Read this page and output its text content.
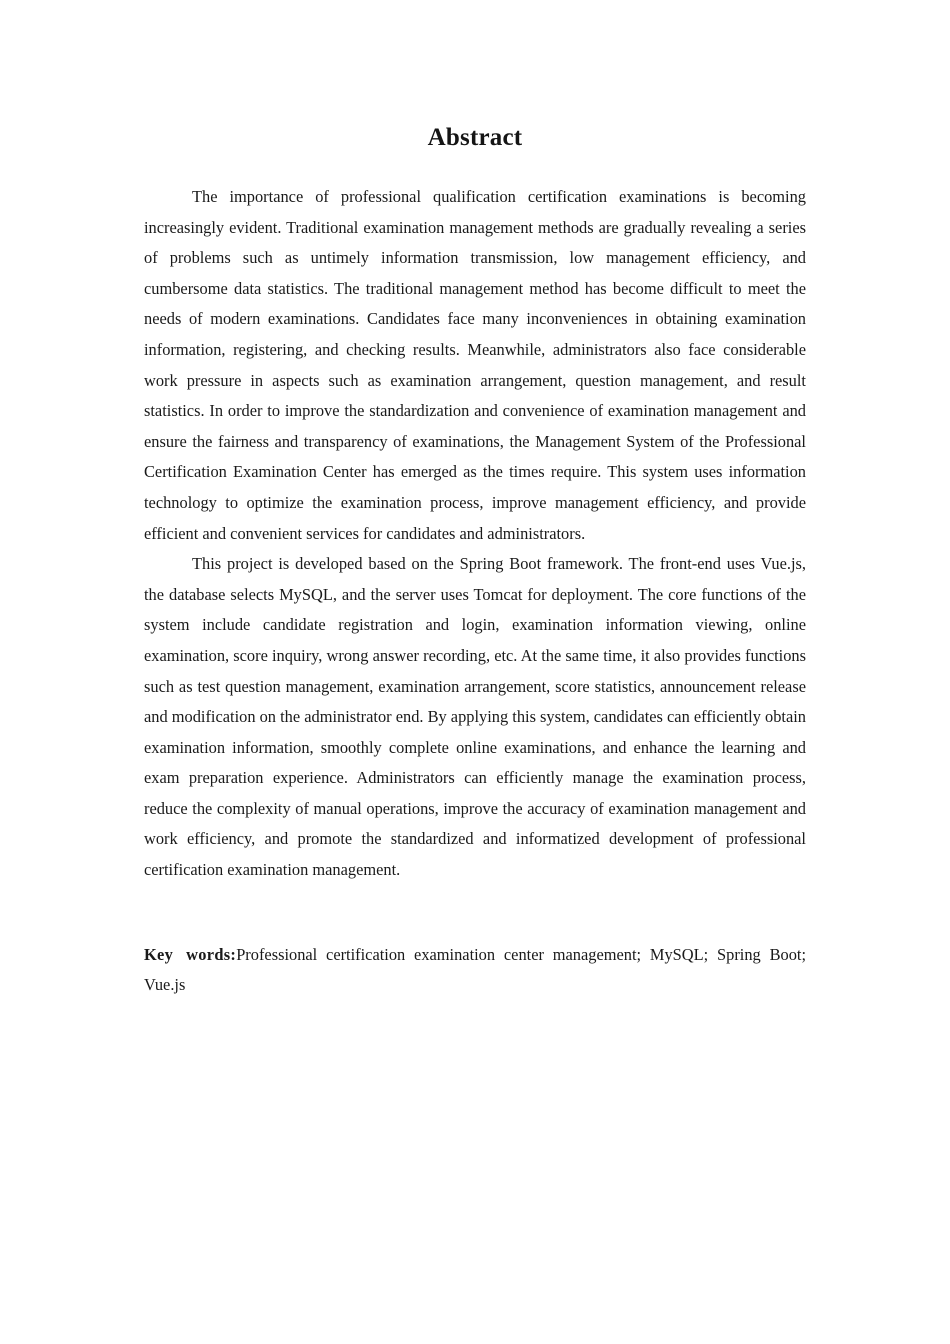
Abstract

The importance of professional qualification certification examinations is becoming increasingly evident. Traditional examination management methods are gradually revealing a series of problems such as untimely information transmission, low management efficiency, and cumbersome data statistics. The traditional management method has become difficult to meet the needs of modern examinations. Candidates face many inconveniences in obtaining examination information, registering, and checking results. Meanwhile, administrators also face considerable work pressure in aspects such as examination arrangement, question management, and result statistics. In order to improve the standardization and convenience of examination management and ensure the fairness and transparency of examinations, the Management System of the Professional Certification Examination Center has emerged as the times require. This system uses information technology to optimize the examination process, improve management efficiency, and provide efficient and convenient services for candidates and administrators.

This project is developed based on the Spring Boot framework. The front-end uses Vue.js, the database selects MySQL, and the server uses Tomcat for deployment. The core functions of the system include candidate registration and login, examination information viewing, online examination, score inquiry, wrong answer recording, etc. At the same time, it also provides functions such as test question management, examination arrangement, score statistics, announcement release and modification on the administrator end. By applying this system, candidates can efficiently obtain examination information, smoothly complete online examinations, and enhance the learning and exam preparation experience. Administrators can efficiently manage the examination process, reduce the complexity of manual operations, improve the accuracy of examination management and work efficiency, and promote the standardized and informatized development of professional certification examination management.

Key words:Professional certification examination center management; MySQL; Spring Boot; Vue.js
